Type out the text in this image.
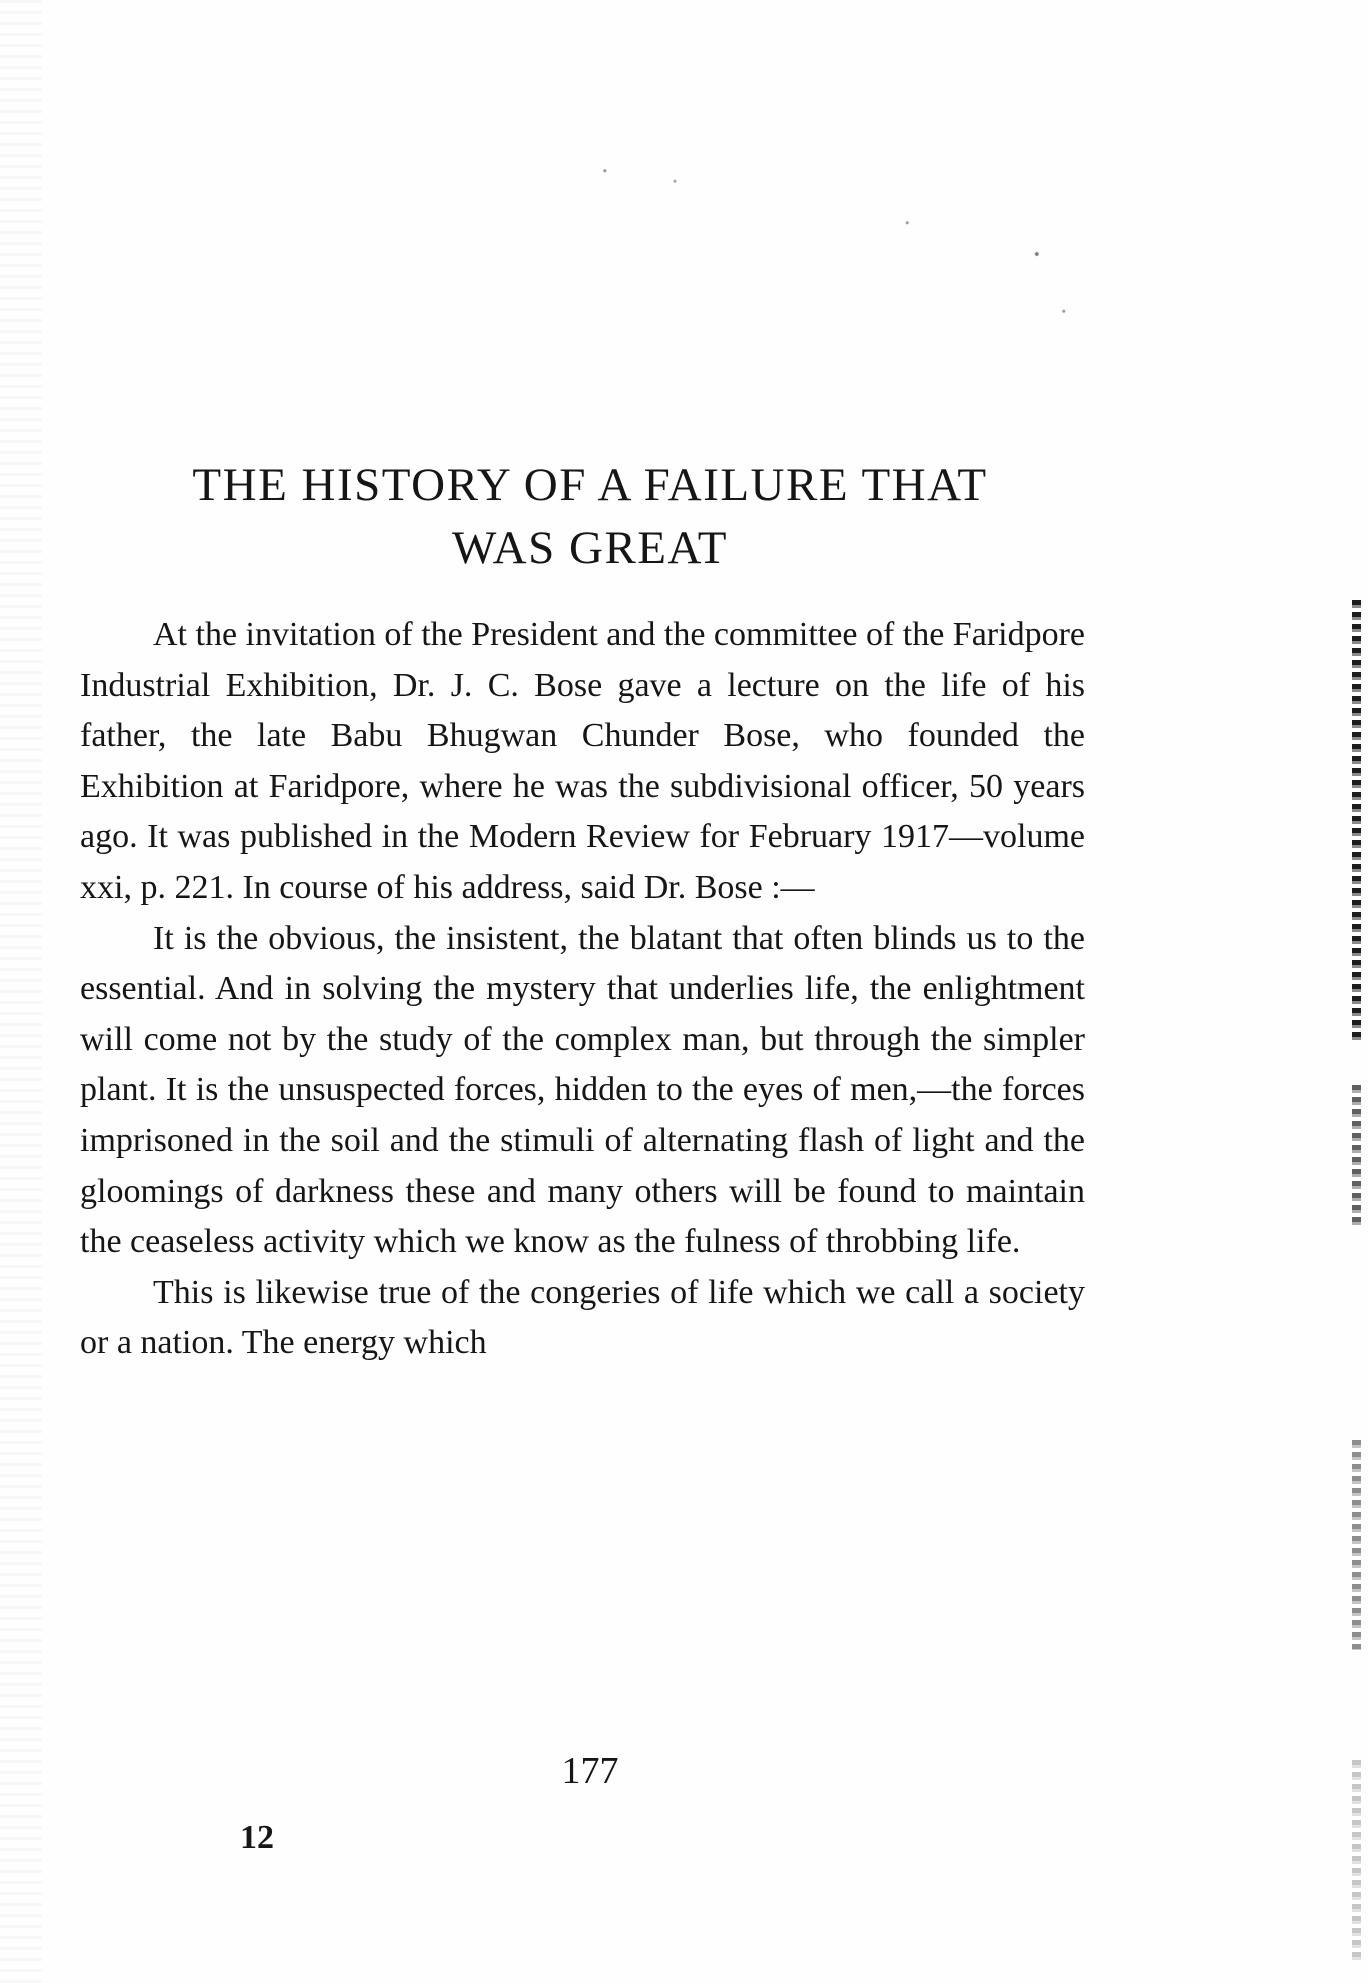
THE HISTORY OF A FAILURE THAT
WAS GREAT

At the invitation of the President and the committee of the Faridpore Industrial Exhibition, Dr. J. C. Bose gave a lecture on the life of his father, the late Babu Bhugwan Chunder Bose, who founded the Exhibition at Faridpore, where he was the subdivisional officer, 50 years ago. It was published in the Modern Review for February 1917—volume xxi, p. 221. In course of his address, said Dr. Bose :—

It is the obvious, the insistent, the blatant that often blinds us to the essential. And in solving the mystery that underlies life, the enlightment will come not by the study of the complex man, but through the simpler plant. It is the unsuspected forces, hidden to the eyes of men,—the forces imprisoned in the soil and the stimuli of alternating flash of light and the gloomings of darkness these and many others will be found to maintain the ceaseless activity which we know as the fulness of throbbing life.

This is likewise true of the congeries of life which we call a society or a nation. The energy which

177
12
